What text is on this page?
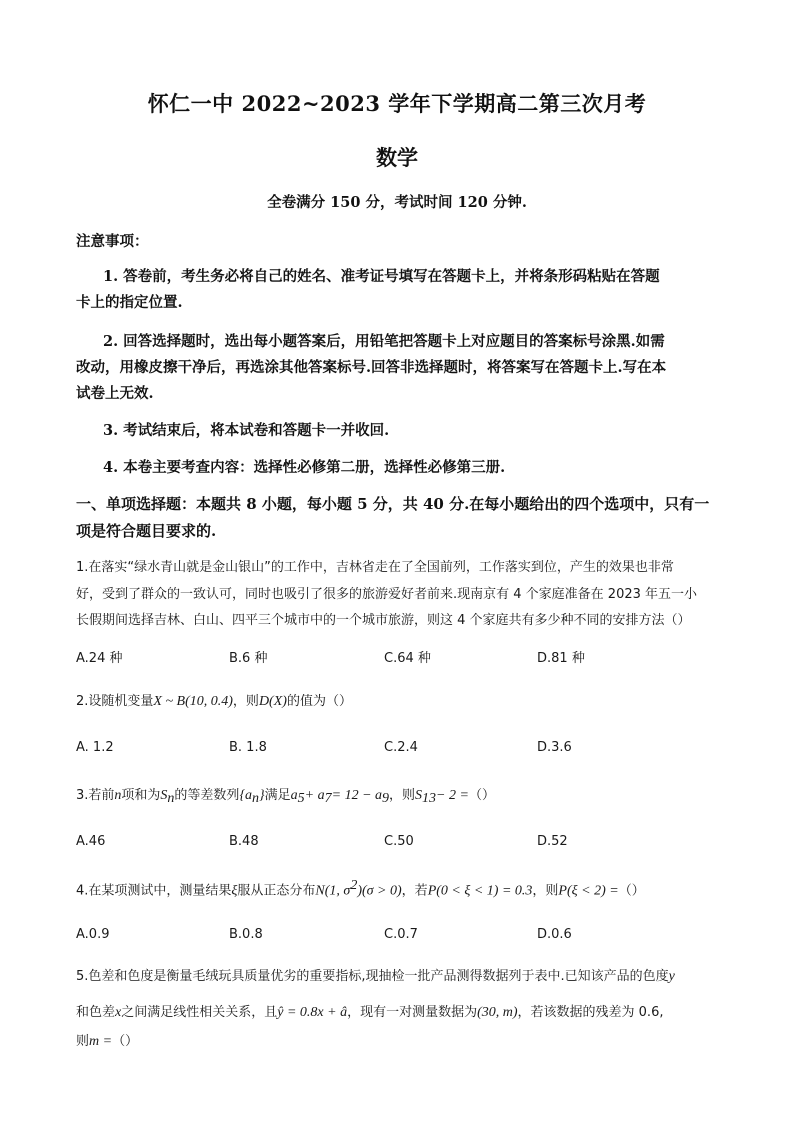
怀仁一中 2022~2023 学年下学期高二第三次月考
数学
全卷满分 150 分，考试时间 120 分钟.
注意事项：
1. 答卷前，考生务必将自己的姓名、准考证号填写在答题卡上，并将条形码粘贴在答题
卡上的指定位置.
2. 回答选择题时，选出每小题答案后，用铅笔把答题卡上对应题目的答案标号涂黑.如需
改动，用橡皮擦干净后，再选涂其他答案标号.回答非选择题时，将答案写在答题卡上.写在本
试卷上无效.
3. 考试结束后，将本试卷和答题卡一并收回.
4. 本卷主要考查内容：选择性必修第二册，选择性必修第三册.
一、单项选择题：本题共 8 小题，每小题 5 分，共 40 分.在每小题给出的四个选项中，只有一
项是符合题目要求的.
1.在落实“绿水青山就是金山银山”的工作中，吉林省走在了全国前列，工作落实到位，产生的效果也非常
好，受到了群众的一致认可，同时也吸引了很多的旅游爱好者前来.现南京有 4 个家庭准备在 2023 年五一小
长假期间选择吉林、白山、四平三个城市中的一个城市旅游，则这 4 个家庭共有多少种不同的安排方法（）
A.24 种	B.6 种	C.64 种	D.81 种
2.设随机变量X ~ B(10, 0.4)，则D(X)的值为（）
A. 1.2	B. 1.8	C.2.4	D.3.6
3.若前n项和为$S_n$的等差数列$\{a_n\}$满足$a_5+ a_7= 12 - a_9$，则$S_{13}- 2$ =（）
A.46	B.48	C.50	D.52
4.在某项测试中，测量结果ξ服从正态分布N(1, $\sigma^2)(\sigma > 0)$，若P(0 < ξ < 1) = 0.3，则P(ξ < 2) =（）
A.0.9	B.0.8	C.0.7	D.0.6
5.色差和色度是衡量毛绒玩具质量优劣的重要指标,现抽检一批产品测得数据列于表中.已知该产品的色度y
和色差x之间满足线性相关关系，且ŷ = 0.8x + â，现有一对测量数据为(30, m)，若该数据的残差为 0.6,
则m =（）
